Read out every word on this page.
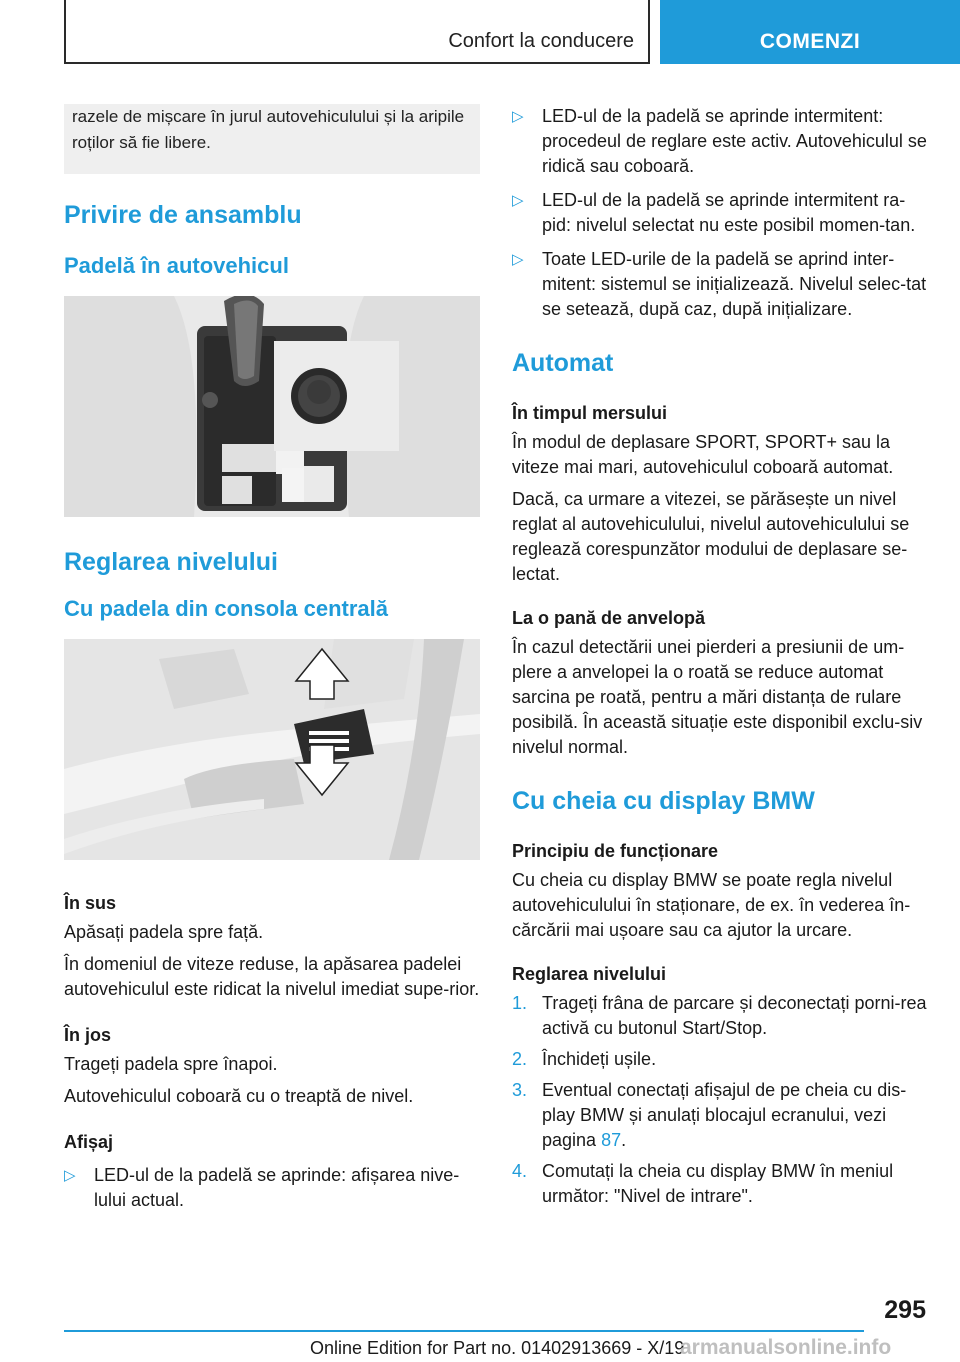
Confort la conducere	COMENZI

razele de mișcare în jurul autovehiculului și la aripile roților să fie libere.

Privire de ansamblu
Padelă în autovehicul
Reglarea nivelului
Cu padela din consola centrală
În sus

Apăsați padela spre față.

În domeniul de viteze reduse, la apăsarea padelei autovehiculul este ridicat la nivelul imediat supe‐rior.

În jos

Trageți padela spre înapoi.

Autovehiculul coboară cu o treaptă de nivel.

Afișaj
▷	LED-ul de la padelă se aprinde: afișarea nive‐lului actual.
▷	LED-ul de la padelă se aprinde intermitent: procedeul de reglare este activ. Autovehiculul se ridică sau coboară.
▷	LED-ul de la padelă se aprinde intermitent ra‐pid: nivelul selectat nu este posibil momen‐tan.
▷	Toate LED-urile de la padelă se aprind inter‐mitent: sistemul se inițializează. Nivelul selec‐tat se setează, după caz, după inițializare.
Automat
În timpul mersului

În modul de deplasare SPORT, SPORT+ sau la viteze mai mari, autovehiculul coboară automat.

Dacă, ca urmare a vitezei, se părăsește un nivel reglat al autovehiculului, nivelul autovehiculului se reglează corespunzător modului de deplasare se‐lectat.

La o pană de anvelopă

În cazul detectării unei pierderi a presiunii de um‐plere a anvelopei la o roată se reduce automat sarcina pe roată, pentru a mări distanța de rulare posibilă. În această situație este disponibil exclu‐siv nivelul normal.

Cu cheia cu display BMW
Principiu de funcționare

Cu cheia cu display BMW se poate regla nivelul autovehiculului în staționare, de ex. în vederea în‐cărcării mai ușoare sau ca ajutor la urcare.

Reglarea nivelului
1. Trageți frâna de parcare și deconectați porni‐rea activă cu butonul Start/Stop.
2. Închideți ușile.
3. Eventual conectați afișajul de pe cheia cu dis‐play BMW și anulați blocajul ecranului, vezi pagina 87.
4. Comutați la cheia cu display BMW în meniul următor: "Nivel de intrare".
295
Online Edition for Part no. 01402913669 - X/19
armanualsonline.info
